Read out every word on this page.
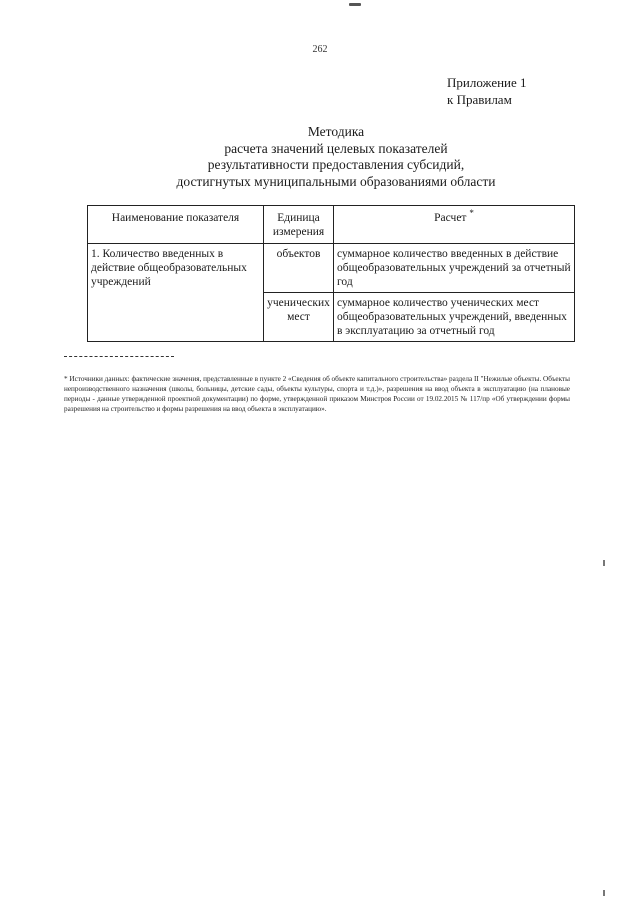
262
Приложение 1
к Правилам
Методика
расчета значений целевых показателей
результативности предоставления субсидий,
достигнутых муниципальными образованиями области
Наименование показателя	Единица измерения	Расчет *
1. Количество введенных в действие общеобразовательных учреждений	объектов	суммарное количество введенных в действие общеобразовательных учреждений за отчетный год
	ученических мест	суммарное количество ученических мест общеобразовательных учреждений, введенных в эксплуатацию за отчетный год
* Источники данных: фактические значения, представленные в пункте 2 «Сведения об объекте капитального строительства» раздела II "Нежилые объекты. Объекты непроизводственного назначения (школы, больницы, детские сады, объекты культуры, спорта и т.д.)», разрешения на ввод объекта в эксплуатацию (на плановые периоды - данные утвержденной проектной документации) по форме, утвержденной приказом Минстроя России от 19.02.2015 № 117/пр «Об утверждении формы разрешения на строительство и формы разрешения на ввод объекта в эксплуатацию».
